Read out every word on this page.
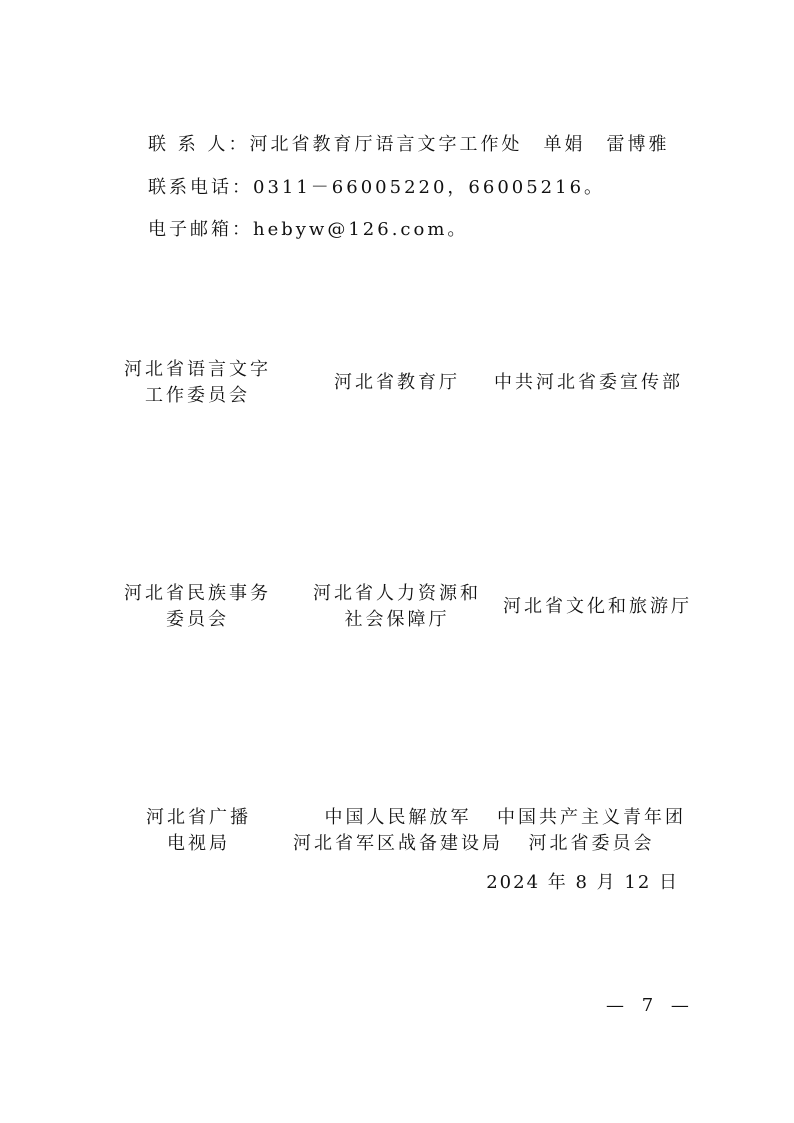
联 系 人：河北省教育厅语言文字工作处　单娟　雷博雅
联系电话：0311－66005220，66005216。
电子邮箱：hebyw@126.com。
河北省语言文字
工作委员会
河北省教育厅 中共河北省委宣传部
河北省民族事务
委员会
河北省人力资源和
社会保障厅
河北省文化和旅游厅
河北省广播
电视局
中国人民解放军
河北省军区战备建设局
中国共产主义青年团
河北省委员会
2024 年 8 月 12 日
— 7 —
